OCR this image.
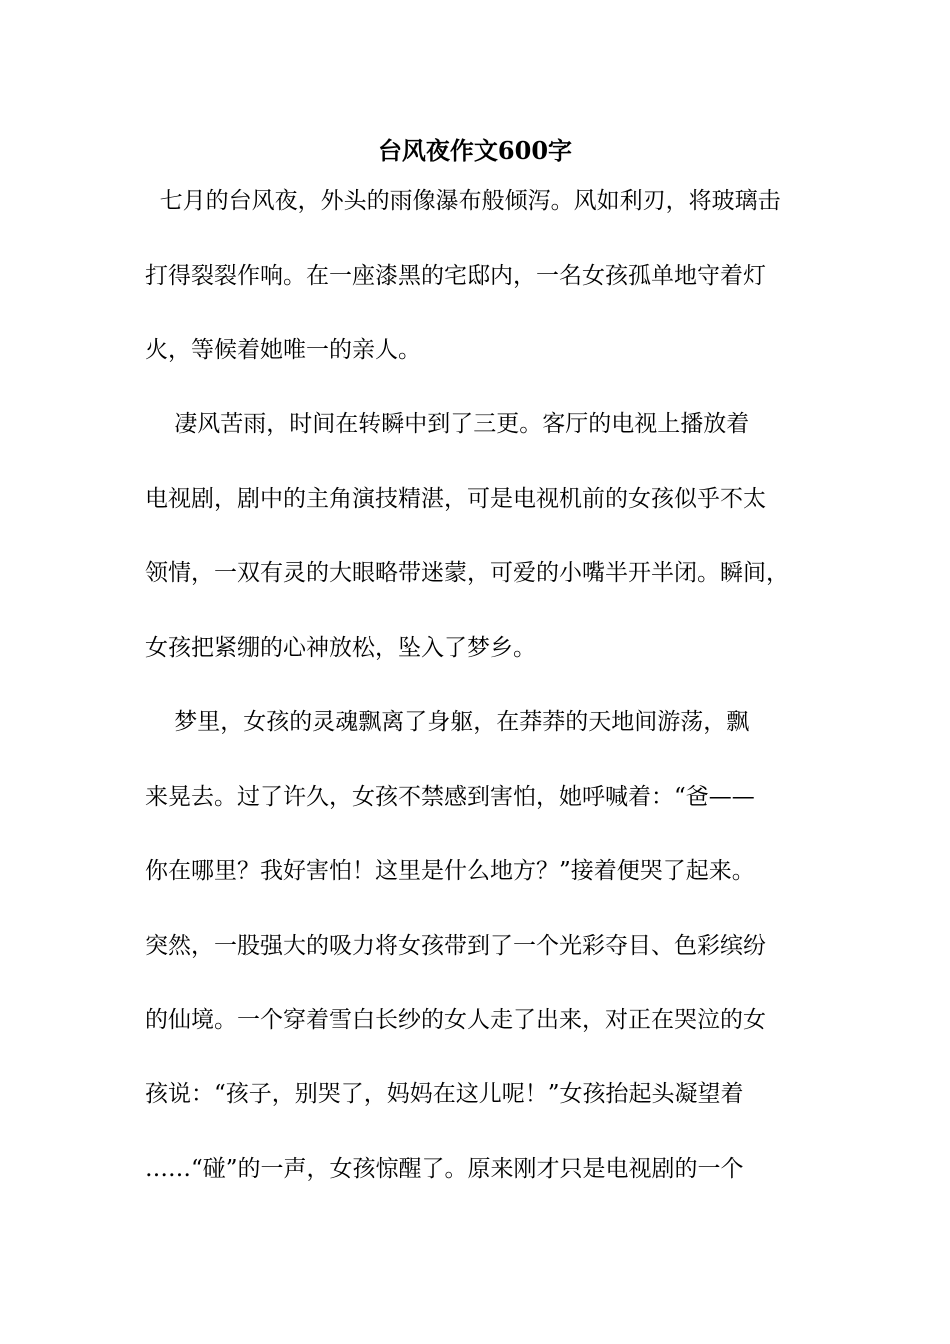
台风夜作文600字
七月的台风夜，外头的雨像瀑布般倾泻。风如利刃，将玻璃击
打得裂裂作响。在一座漆黑的宅邸内，一名女孩孤单地守着灯
火，等候着她唯一的亲人。
凄风苦雨，时间在转瞬中到了三更。客厅的电视上播放着
电视剧，剧中的主角演技精湛，可是电视机前的女孩似乎不太
领情，一双有灵的大眼略带迷蒙，可爱的小嘴半开半闭。瞬间，
女孩把紧绷的心神放松，坠入了梦乡。
梦里，女孩的灵魂飘离了身躯，在莽莽的天地间游荡，飘
来晃去。过了许久，女孩不禁感到害怕，她呼喊着：“爸——
你在哪里？我好害怕！这里是什么地方？”接着便哭了起来。
突然，一股强大的吸力将女孩带到了一个光彩夺目、色彩缤纷
的仙境。一个穿着雪白长纱的女人走了出来，对正在哭泣的女
孩说：“孩子，别哭了，妈妈在这儿呢！”女孩抬起头凝望着
……“碰”的一声，女孩惊醒了。原来刚才只是电视剧的一个
